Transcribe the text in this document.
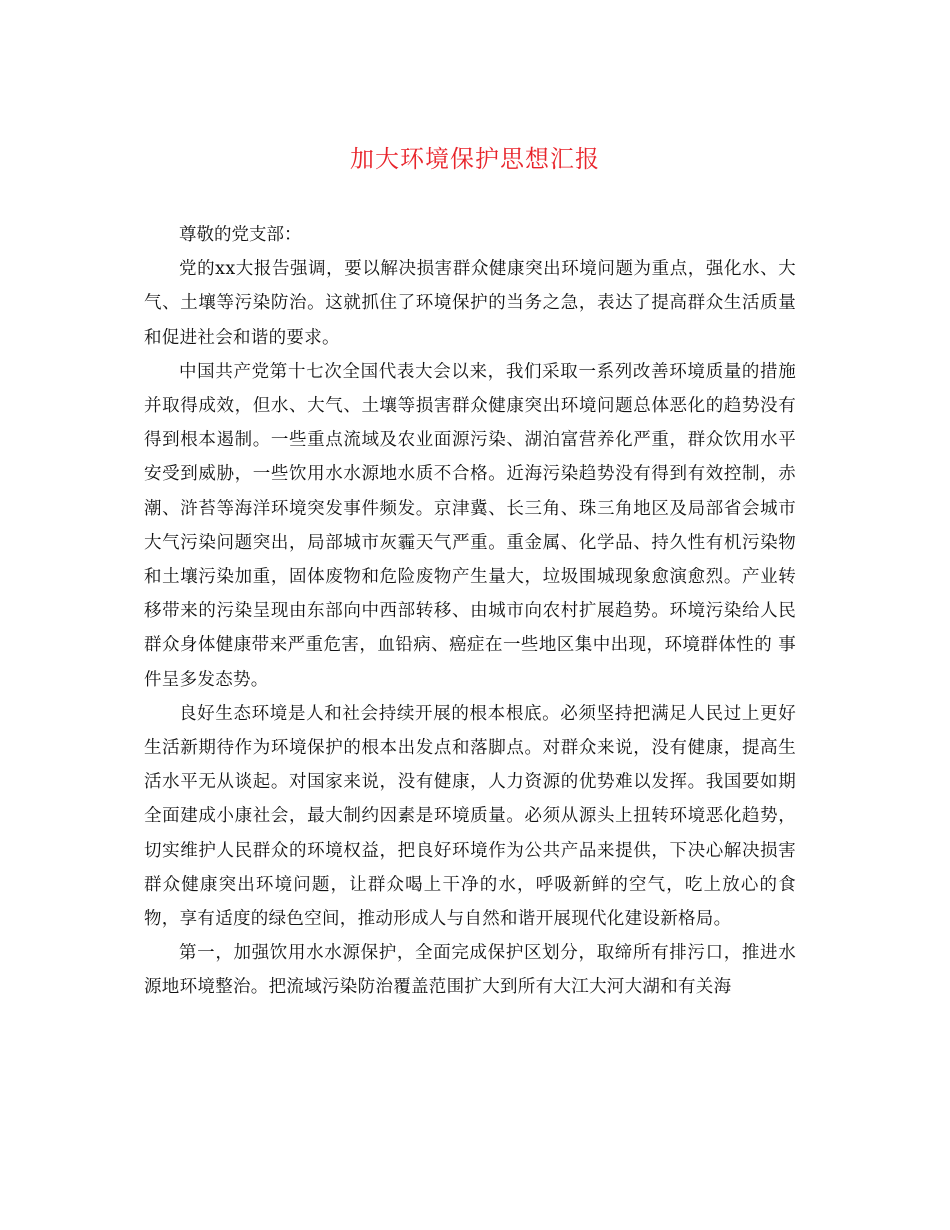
加大环境保护思想汇报

尊敬的党支部：

党的xx大报告强调，要以解决损害群众健康突出环境问题为重点，强化水、大气、土壤等污染防治。这就抓住了环境保护的当务之急，表达了提高群众生活质量和促进社会和谐的要求。

中国共产党第十七次全国代表大会以来，我们采取一系列改善环境质量的措施并取得成效，但水、大气、土壤等损害群众健康突出环境问题总体恶化的趋势没有得到根本遏制。一些重点流域及农业面源污染、湖泊富营养化严重，群众饮用水平安受到威胁，一些饮用水水源地水质不合格。近海污染趋势没有得到有效控制，赤潮、浒苔等海洋环境突发事件频发。京津冀、长三角、珠三角地区及局部省会城市大气污染问题突出，局部城市灰霾天气严重。重金属、化学品、持久性有机污染物和土壤污染加重，固体废物和危险废物产生量大，垃圾围城现象愈演愈烈。产业转移带来的污染呈现由东部向中西部转移、由城市向农村扩展趋势。环境污染给人民群众身体健康带来严重危害，血铅病、癌症在一些地区集中出现，环境群体性的 事件呈多发态势。

良好生态环境是人和社会持续开展的根本根底。必须坚持把满足人民过上更好生活新期待作为环境保护的根本出发点和落脚点。对群众来说，没有健康，提高生活水平无从谈起。对国家来说，没有健康，人力资源的优势难以发挥。我国要如期全面建成小康社会，最大制约因素是环境质量。必须从源头上扭转环境恶化趋势，切实维护人民群众的环境权益，把良好环境作为公共产品来提供，下决心解决损害群众健康突出环境问题，让群众喝上干净的水，呼吸新鲜的空气，吃上放心的食物，享有适度的绿色空间，推动形成人与自然和谐开展现代化建设新格局。

第一，加强饮用水水源保护，全面完成保护区划分，取缔所有排污口，推进水源地环境整治。把流域污染防治覆盖范围扩大到所有大江大河大湖和有关海
